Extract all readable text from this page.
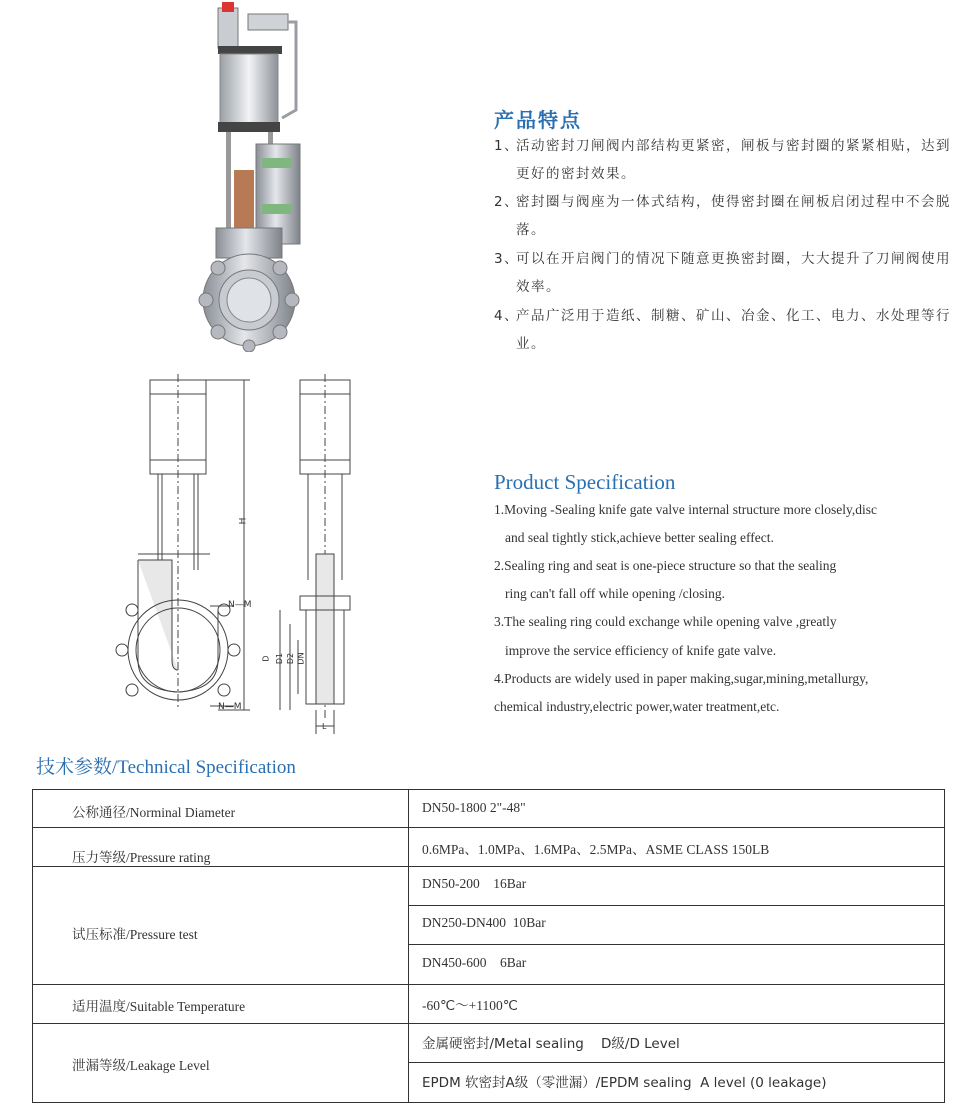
产品特点
1、
活动密封刀闸阀内部结构更紧密，闸板与密封圈的紧紧相贴，达到更好的密封效果。
2、
密封圈与阀座为一体式结构，使得密封圈在闸板启闭过程中不会脱落。
3、
可以在开启阀门的情况下随意更换密封圈，大大提升了刀闸阀使用效率。
4、
产品广泛用于造纸、制糖、矿山、冶金、化工、电力、水处理等行业。
H
N—M
N—M
D D1 D2 DN
L
Product Specification
1.Moving -Sealing knife gate valve internal structure more closely,disc
and seal tightly stick,achieve better sealing effect.
2.Sealing ring and seat is one-piece structure so that the sealing
ring can't fall off while opening /closing.
3.The sealing ring could exchange while opening valve ,greatly
improve the service efficiency of knife gate valve.
4.Products are widely used in paper making,sugar,mining,metallurgy,
chemical industry,electric power,water treatment,etc.
技术参数/Technical Specification
公称通径/Norminal Diameter	DN50-1800 2"-48"
压力等级/Pressure rating
0.6MPa、1.0MPa、1.6MPa、2.5MPa、ASME CLASS 150LB
试压标准/Pressure test
DN50-200    16Bar
DN250-DN400  10Bar
DN450-600    6Bar
适用温度/Suitable Temperature	-60℃～+1100℃
泄漏等级/Leakage Level
金属硬密封/Metal sealing    D级/D Level
EPDM 软密封A级（零泄漏）/EPDM sealing  A level (0 leakage)
